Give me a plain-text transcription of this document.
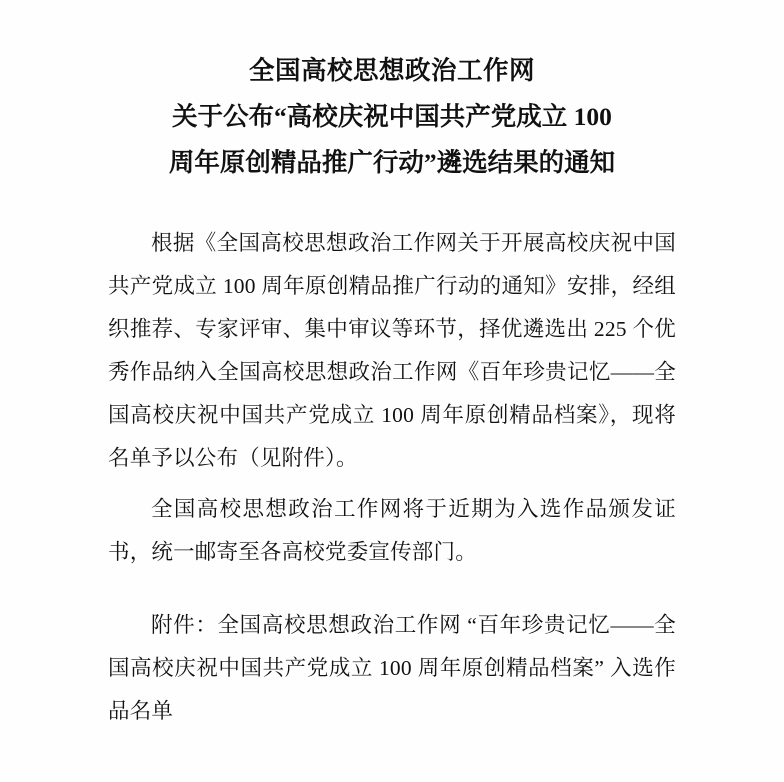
全国高校思想政治工作网
关于公布“高校庆祝中国共产党成立 100
周年原创精品推广行动”遴选结果的通知

根据《全国高校思想政治工作网关于开展高校庆祝中国共产党成立 100 周年原创精品推广行动的通知》安排，经组织推荐、专家评审、集中审议等环节，择优遴选出 225 个优秀作品纳入全国高校思想政治工作网《百年珍贵记忆——全国高校庆祝中国共产党成立 100 周年原创精品档案》，现将名单予以公布（见附件）。

全国高校思想政治工作网将于近期为入选作品颁发证书，统一邮寄至各高校党委宣传部门。

附件：全国高校思想政治工作网 “百年珍贵记忆——全国高校庆祝中国共产党成立 100 周年原创精品档案” 入选作品名单
